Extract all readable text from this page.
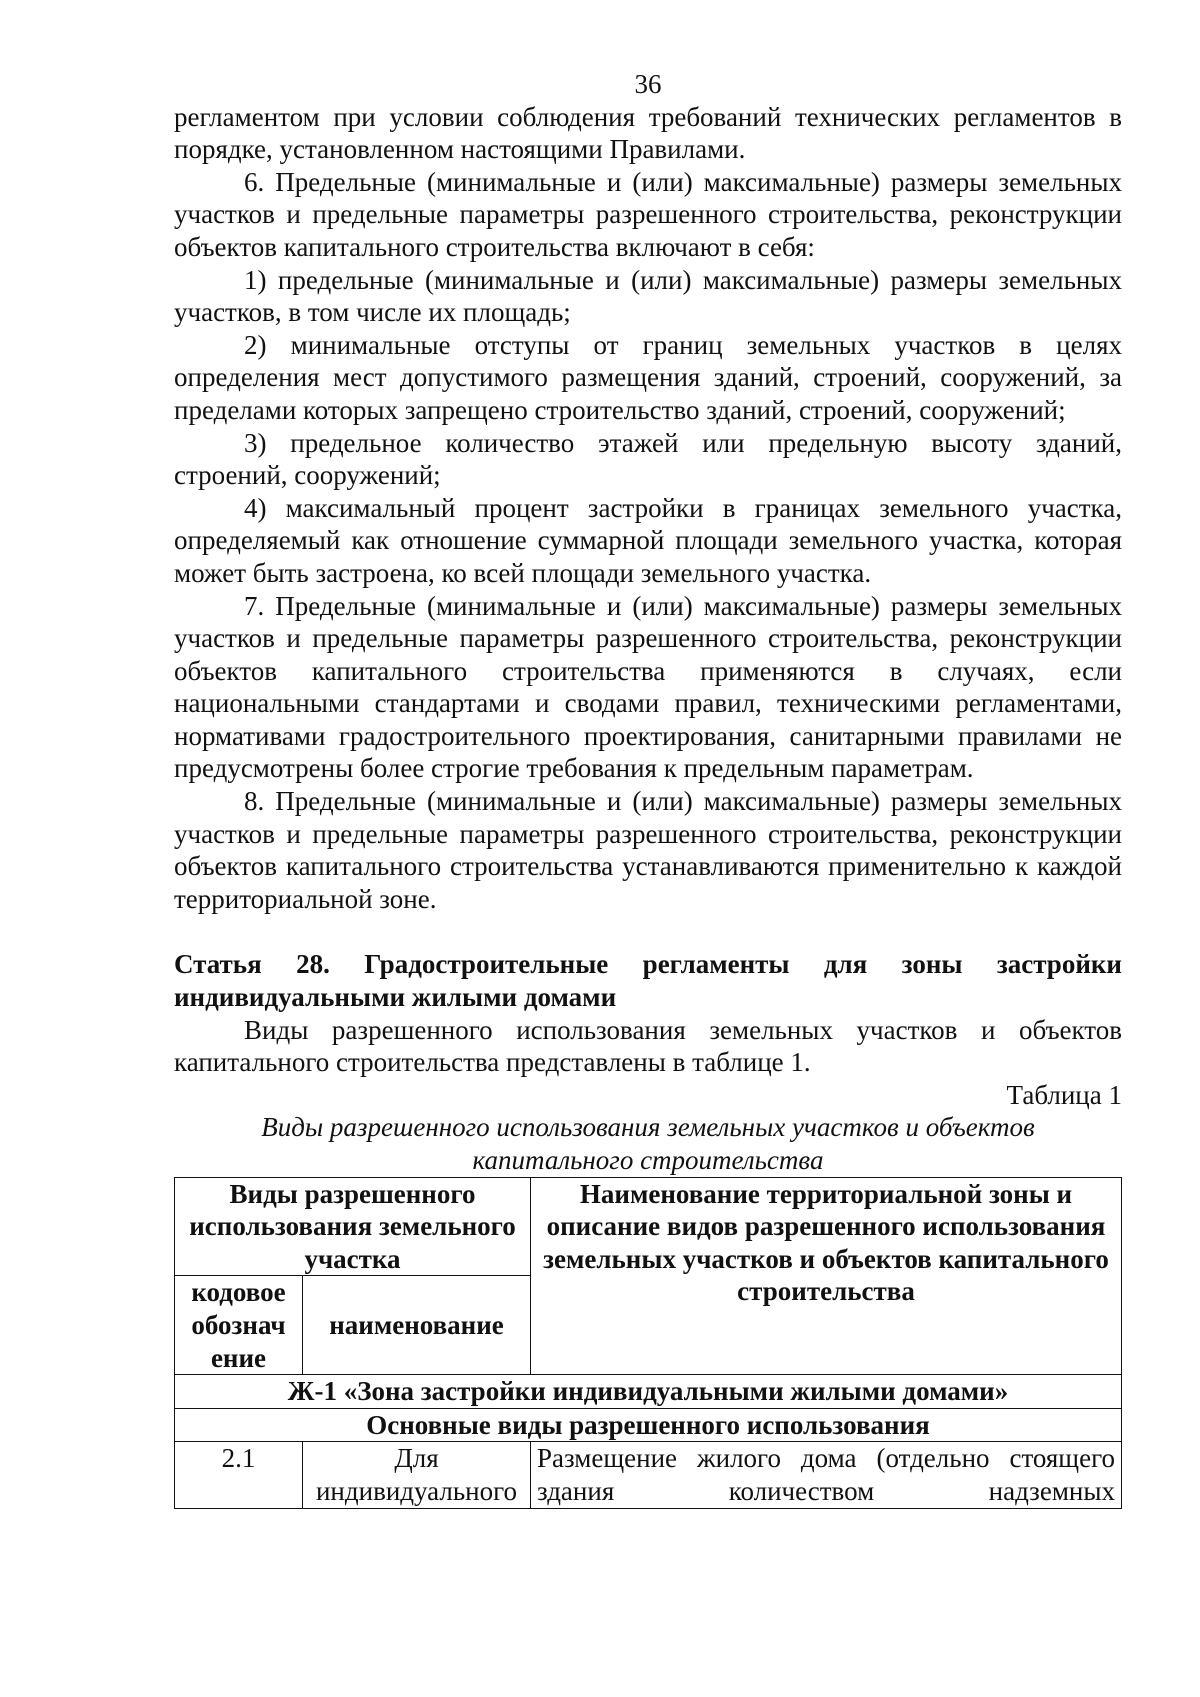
36

регламентом при условии соблюдения требований технических регламентов в порядке, установленном настоящими Правилами.

6. Предельные (минимальные и (или) максимальные) размеры земельных участков и предельные параметры разрешенного строительства, реконструкции объектов капитального строительства включают в себя:

1) предельные (минимальные и (или) максимальные) размеры земельных участков, в том числе их площадь;

2) минимальные отступы от границ земельных участков в целях определения мест допустимого размещения зданий, строений, сооружений, за пределами которых запрещено строительство зданий, строений, сооружений;

3) предельное количество этажей или предельную высоту зданий, строений, сооружений;

4) максимальный процент застройки в границах земельного участка, определяемый как отношение суммарной площади земельного участка, которая может быть застроена, ко всей площади земельного участка.

7. Предельные (минимальные и (или) максимальные) размеры земельных участков и предельные параметры разрешенного строительства, реконструкции объектов капитального строительства применяются в случаях, если национальными стандартами и сводами правил, техническими регламентами, нормативами градостроительного проектирования, санитарными правилами не предусмотрены более строгие требования к предельным параметрам.

8. Предельные (минимальные и (или) максимальные) размеры земельных участков и предельные параметры разрешенного строительства, реконструкции объектов капитального строительства устанавливаются применительно к каждой территориальной зоне.

Статья 28. Градостроительные регламенты для зоны застройки индивидуальными жилыми домами

Виды разрешенного использования земельных участков и объектов капитального строительства представлены в таблице 1.

Таблица 1
Виды разрешенного использования земельных участков и объектов капитального строительства
Виды разрешенного использования земельного участка		Наименование территориальной зоны и описание видов разрешенного использования земельных участков и объектов капитального строительства
кодовое обознач ение	наименование	
Ж-1 «Зона застройки индивидуальными жилыми домами»		
Основные виды разрешенного использования		
2.1	Для индивидуального	Размещение жилого дома (отдельно стоящего здания количеством надземных
